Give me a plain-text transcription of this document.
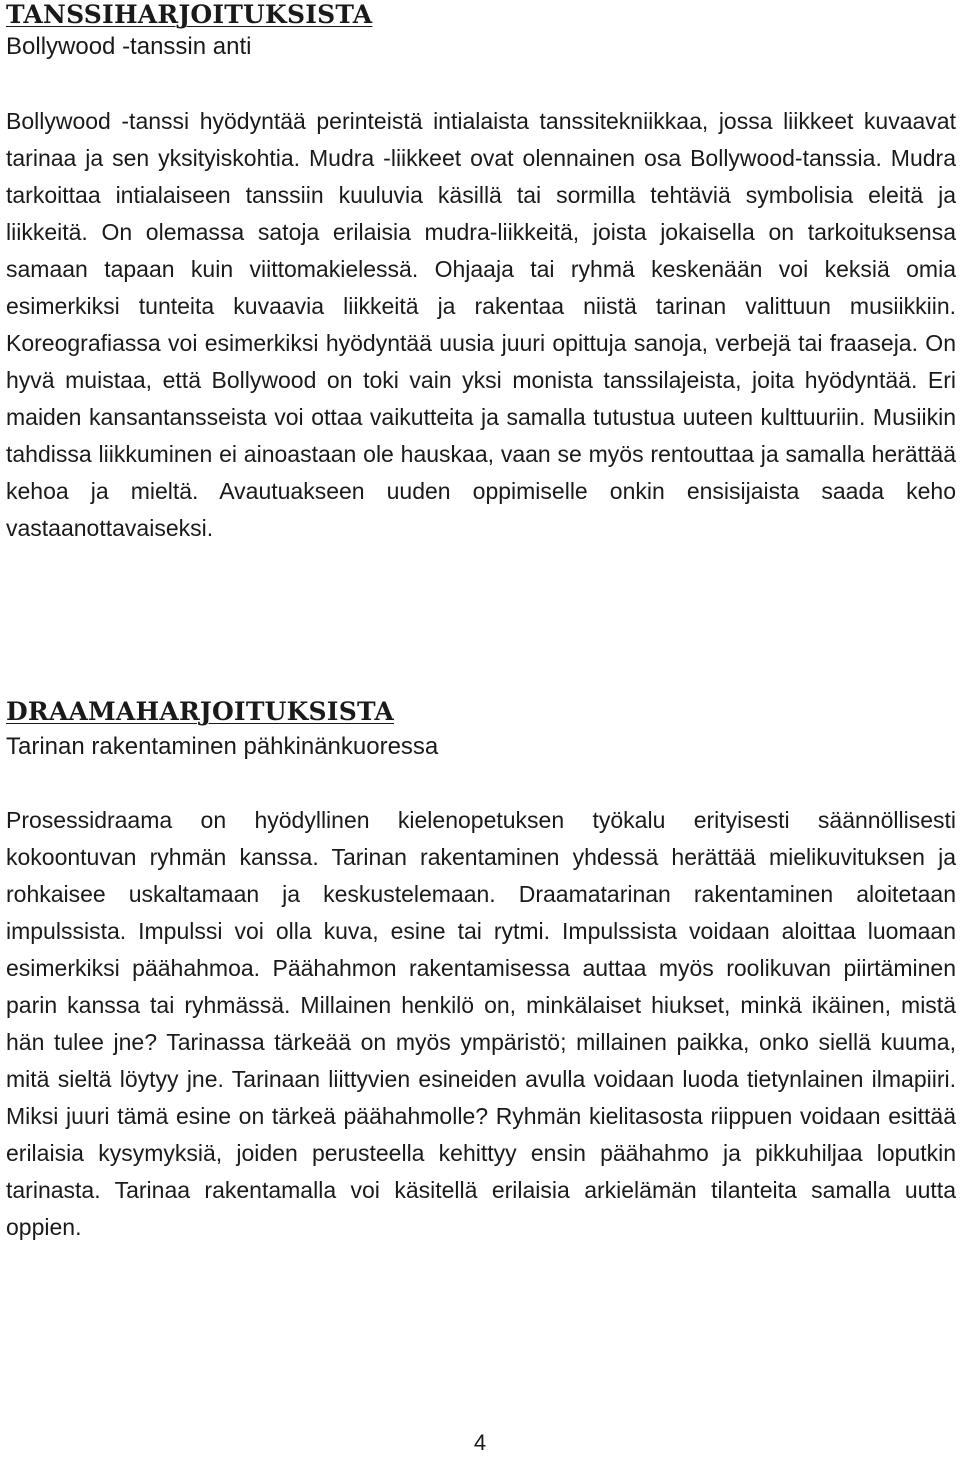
TANSSIHARJOITUKSISTA

Bollywood -tanssin anti

Bollywood -tanssi hyödyntää perinteistä intialaista tanssitekniikkaa, jossa liikkeet kuvaavat tarinaa ja sen yksityiskohtia. Mudra -liikkeet ovat olennainen osa Bollywood-tanssia. Mudra tarkoittaa intialaiseen tanssiin kuuluvia käsillä tai sormilla tehtäviä symbolisia eleitä ja liikkeitä. On olemassa satoja erilaisia mudra-liikkeitä, joista jokaisella on tarkoituksensa samaan tapaan kuin viittomakielessä. Ohjaaja tai ryhmä keskenään voi keksiä omia esimerkiksi tunteita kuvaavia liikkeitä ja rakentaa niistä tarinan valittuun musiikkiin. Koreografiassa voi esimerkiksi hyödyntää uusia juuri opittuja sanoja, verbejä tai fraaseja. On hyvä muistaa, että Bollywood on toki vain yksi monista tanssilajeista, joita hyödyntää. Eri maiden kansantansseista voi ottaa vaikutteita ja samalla tutustua uuteen kulttuuriin. Musiikin tahdissa liikkuminen ei ainoastaan ole hauskaa, vaan se myös rentouttaa ja samalla herättää kehoa ja mieltä. Avautuakseen uuden oppimiselle onkin ensisijaista saada keho vastaanottavaiseksi.

DRAAMAHARJOITUKSISTA

Tarinan rakentaminen pähkinänkuoressa

Prosessidraama on hyödyllinen kielenopetuksen työkalu erityisesti säännöllisesti kokoontuvan ryhmän kanssa. Tarinan rakentaminen yhdessä herättää mielikuvituksen ja rohkaisee uskaltamaan ja keskustelemaan. Draamatarinan rakentaminen aloitetaan impulssista. Impulssi voi olla kuva, esine tai rytmi. Impulssista voidaan aloittaa luomaan esimerkiksi päähahmoa. Päähahmon rakentamisessa auttaa myös roolikuvan piirtäminen parin kanssa tai ryhmässä. Millainen henkilö on, minkälaiset hiukset, minkä ikäinen, mistä hän tulee jne? Tarinassa tärkeää on myös ympäristö; millainen paikka, onko siellä kuuma, mitä sieltä löytyy jne. Tarinaan liittyvien esineiden avulla voidaan luoda tietynlainen ilmapiiri. Miksi juuri tämä esine on tärkeä päähahmolle? Ryhmän kielitasosta riippuen voidaan esittää erilaisia kysymyksiä, joiden perusteella kehittyy ensin päähahmo ja pikkuhiljaa loputkin tarinasta. Tarinaa rakentamalla voi käsitellä erilaisia arkielämän tilanteita samalla uutta oppien.

4
